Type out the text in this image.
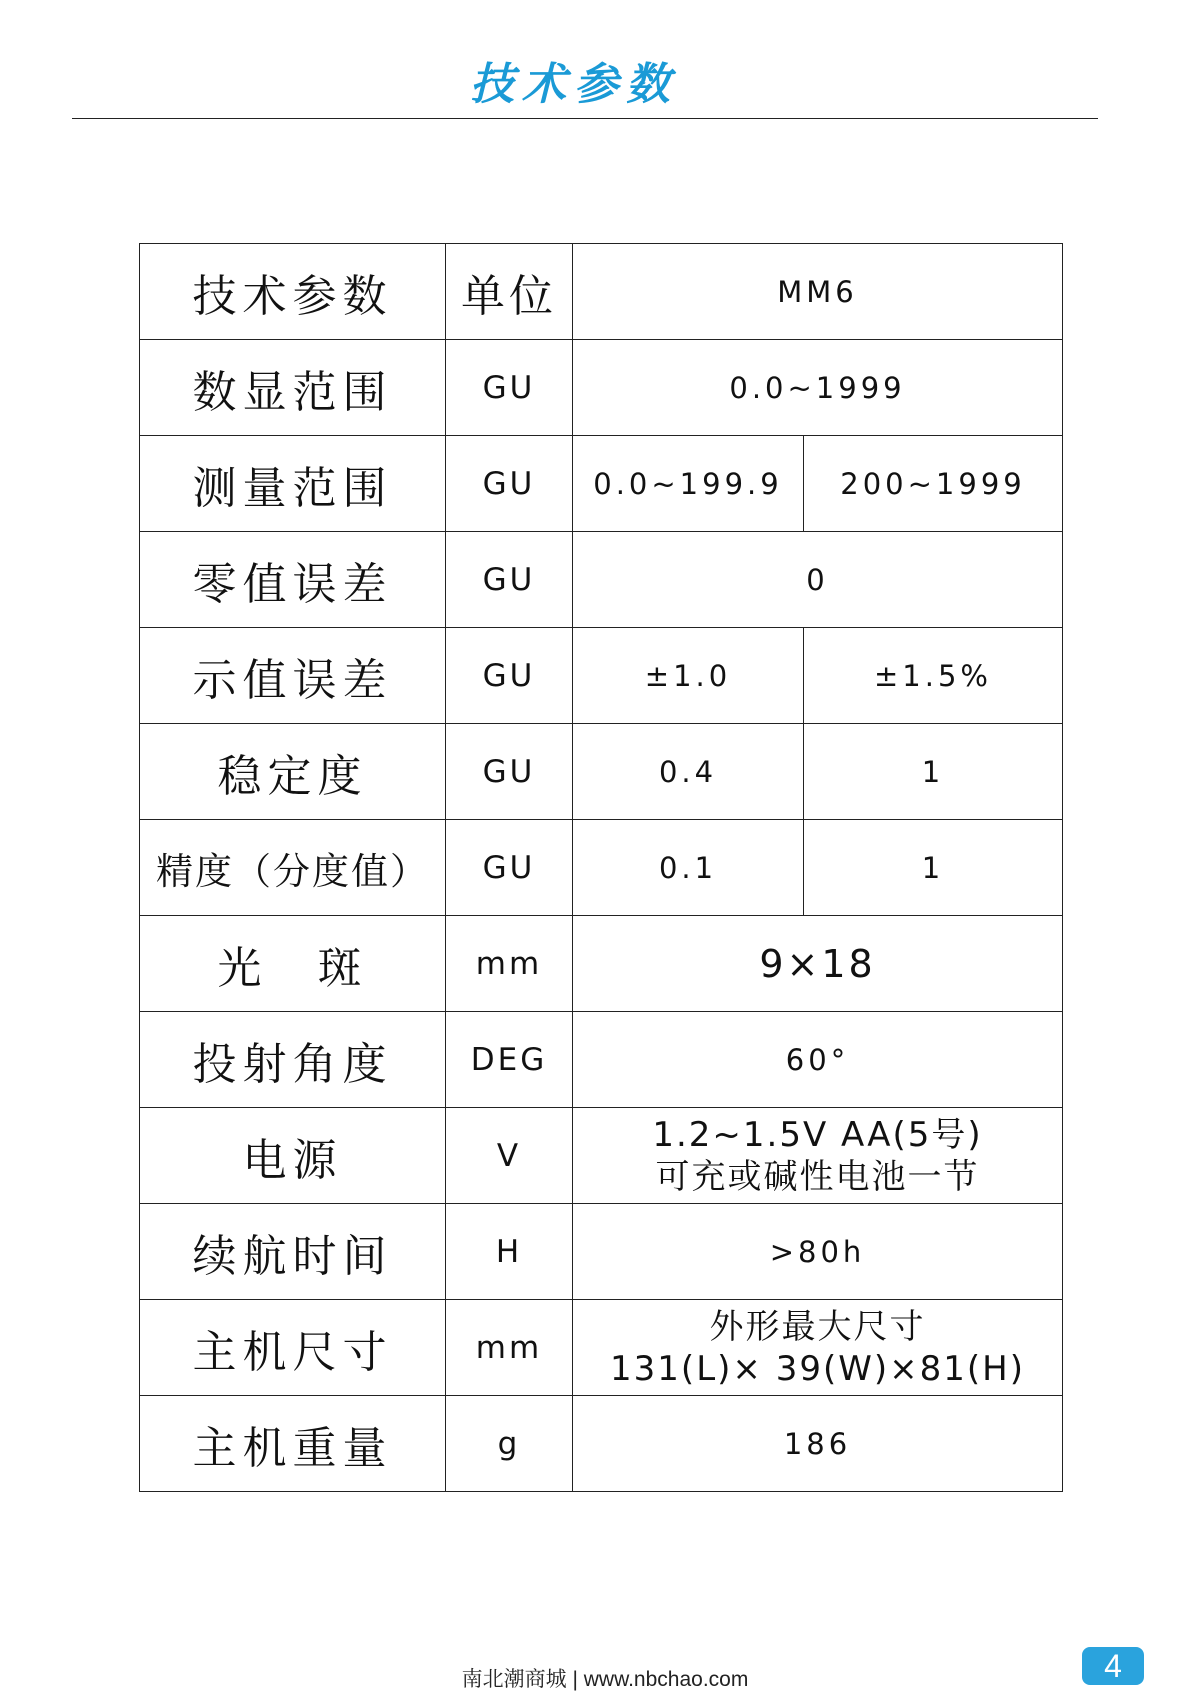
技术参数
技术参数	单位	MM6	
数显范围	GU	0.0~1999	
测量范围	GU	0.0~199.9	200~1999
零值误差	GU	0	
示值误差	GU	±1.0	±1.5%
稳定度	GU	0.4	1
精度（分度值）	GU	0.1	1
光　斑	mm	9×18	
投射角度	DEG	60°	
电源	V	1.2~1.5V AA(5号)
可充或碱性电池一节	

续航时间	H	>80h	
主机尺寸	mm	外形最大尺寸
131(L)× 39(W)×81(H)	

主机重量	g	186	
南北潮商城 | www.nbchao.com	4
